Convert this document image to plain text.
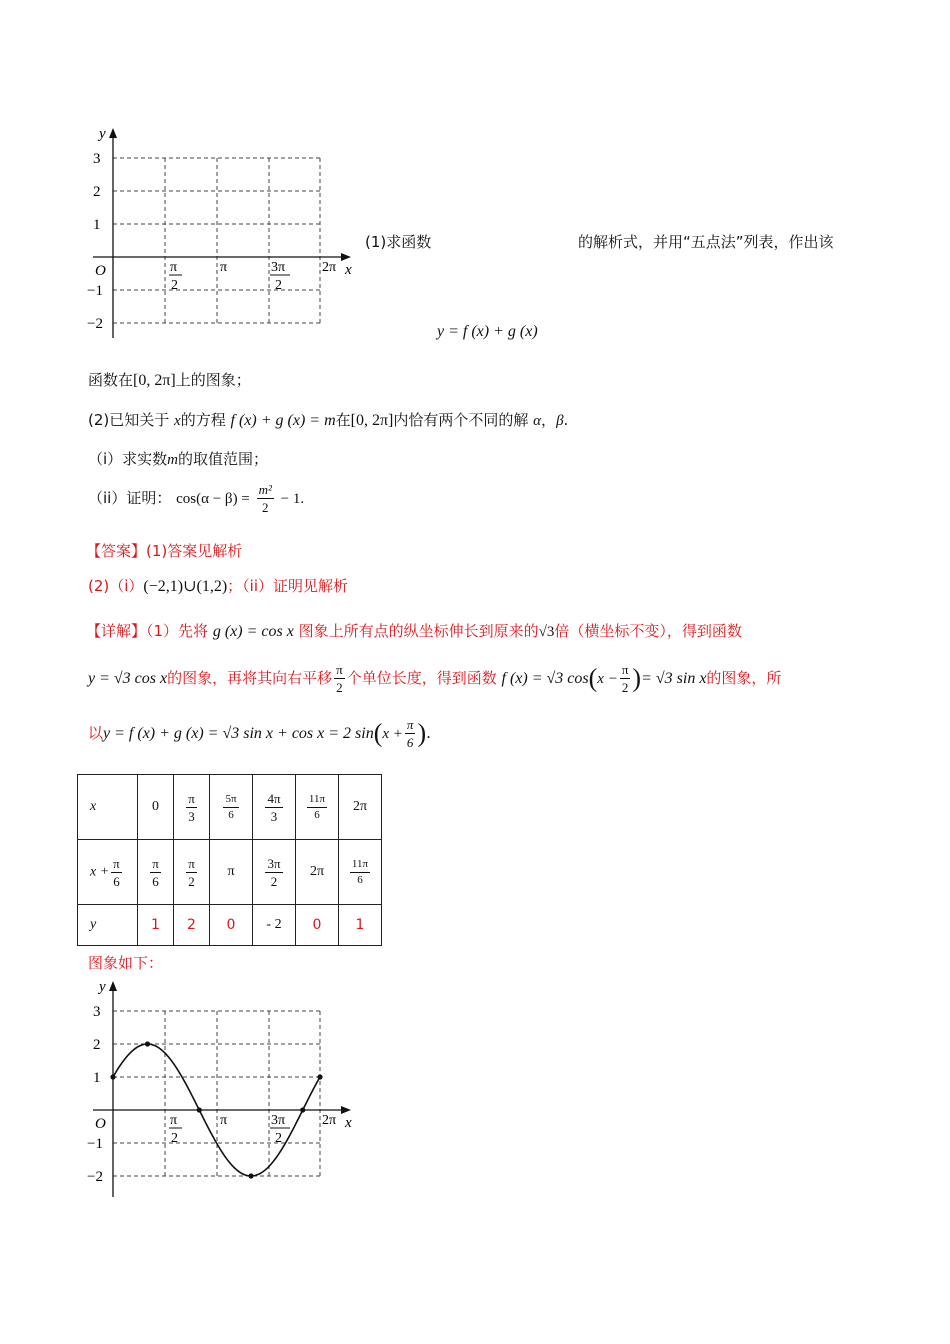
y
x
O
3
2
1
−1
−2
π
2
π	3π
2
2π
(1)求函数	的解析式，并用“五点法”列表，作出该
y = f (x) + g (x)
函数在[0, 2π]上的图象；
(2)已知关于 x的方程 f (x) + g (x) = m在[0, 2π]内恰有两个不同的解 α，β.
（i）求实数m的取值范围；
（ii）证明： $\cos(\alpha - \beta) = \frac{\text{m²}}{2} - 1$.
【答案】(1)答案见解析
(2)（i）(−2,1)∪(1,2)；（ii）证明见解析
【详解】（1）先将 g (x) = cos x 图象上所有点的纵坐标伸长到原来的√3倍（横坐标不变），得到函数
y = √3 cos x的图象，再将其向右平移 $\frac{\pi}{2}$ 个单位长度，得到函数 f (x) = √3 $\cos(x - \frac{\pi}{2}$ )= √3 sin x的图象，所
以y = f (x) + g (x) = √3 sin x + cos x = 2 $\sin(x + \frac{\pi}{6}$ ).
x	0	$\frac{\pi}{3}$	$\frac{5\pi}{6}$	$\frac{4\pi}{3}$	$\frac{11\pi}{6}$	2π
$x + \frac{\pi}{6}$	$\frac{\pi}{6}$	$\frac{\pi}{2}$	π	$\frac{3\pi}{2}$	2π	$\frac{11\pi}{6}$

y	1	2	0	- 2	0	1
图象如下：
y
x
O
3
2
1
−1
−2
π
2
π	3π
2
2π
